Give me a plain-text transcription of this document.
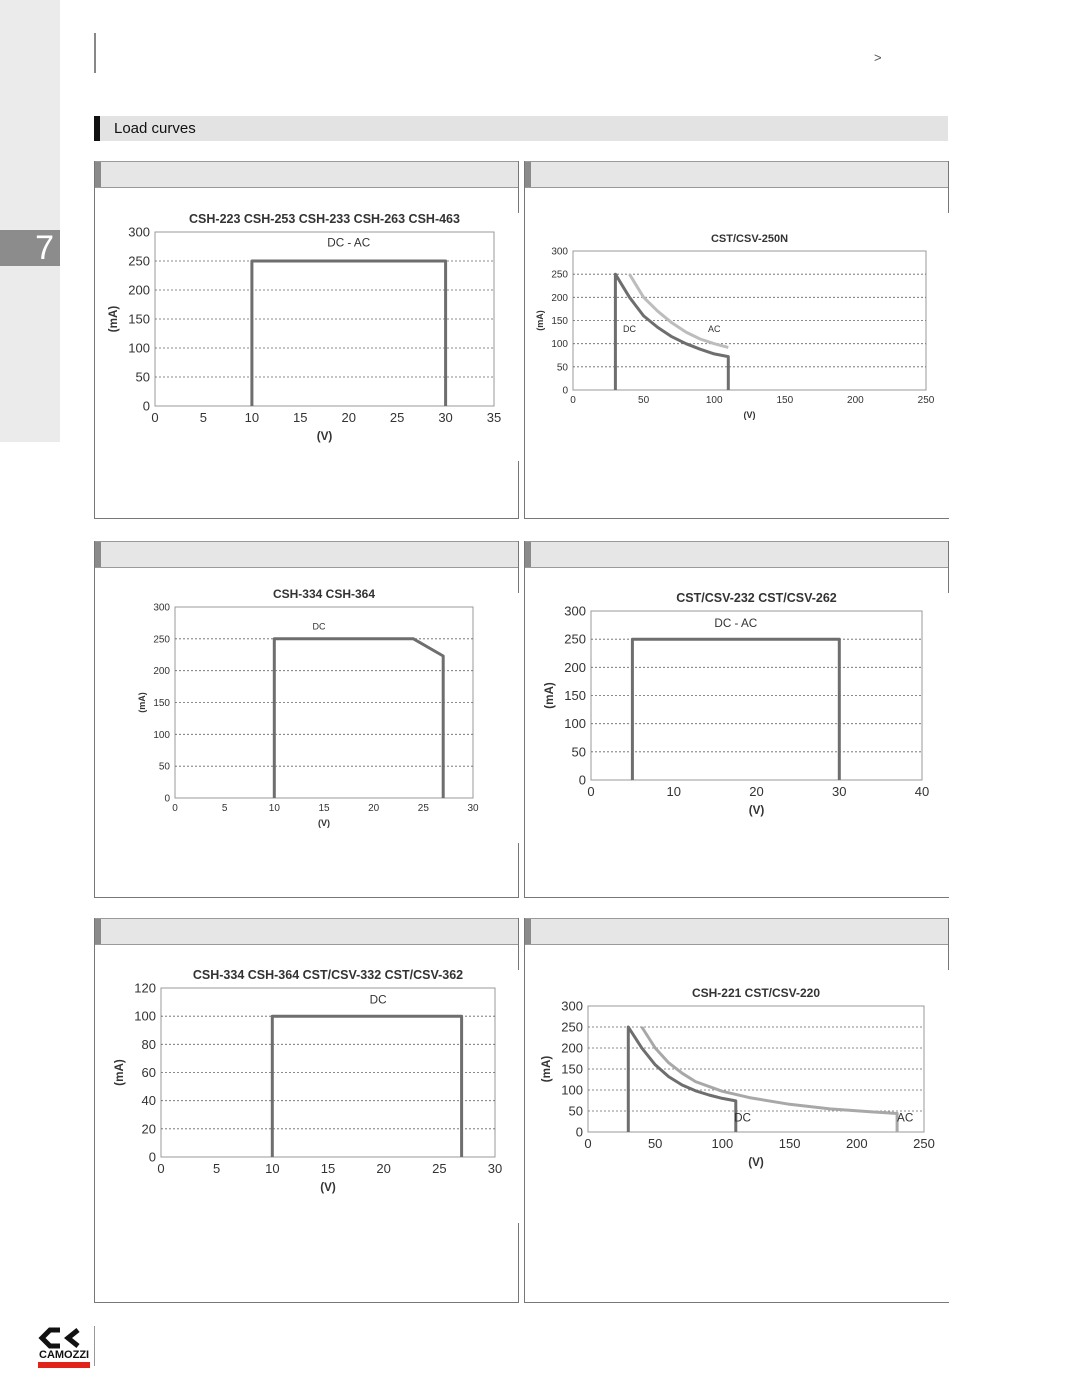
7
>
Load curves
0
50
100
150
200
250
300
0	5	10	15	20	25	30	35
CSH-223 CSH-253 CSH-233 CSH-263 CSH-463
(V)
(mA)
DC - AC
0
50
100
150
200
250
300
0	50	100	150	200	250
CST/CSV-250N
(V)
(mA)	DC	AC
0
50
100
150
200
250
300
0	5	10	15	20	25	30
CSH-334 CSH-364
(V)
(mA)
DC
0
50
100
150
200
250
300
0	10	20	30	40
CST/CSV-232 CST/CSV-262
(V)
(mA)
DC - AC
0
20
40
60
80
100
120
0	5	10	15	20	25	30
CSH-334 CSH-364 CST/CSV-332 CST/CSV-362
(V)
(mA)
DC
0
50
100
150
200
250
300
0	50	100	150	200	250
CSH-221 CST/CSV-220
(V)
(mA)
DC	AC
CAMOZZI
